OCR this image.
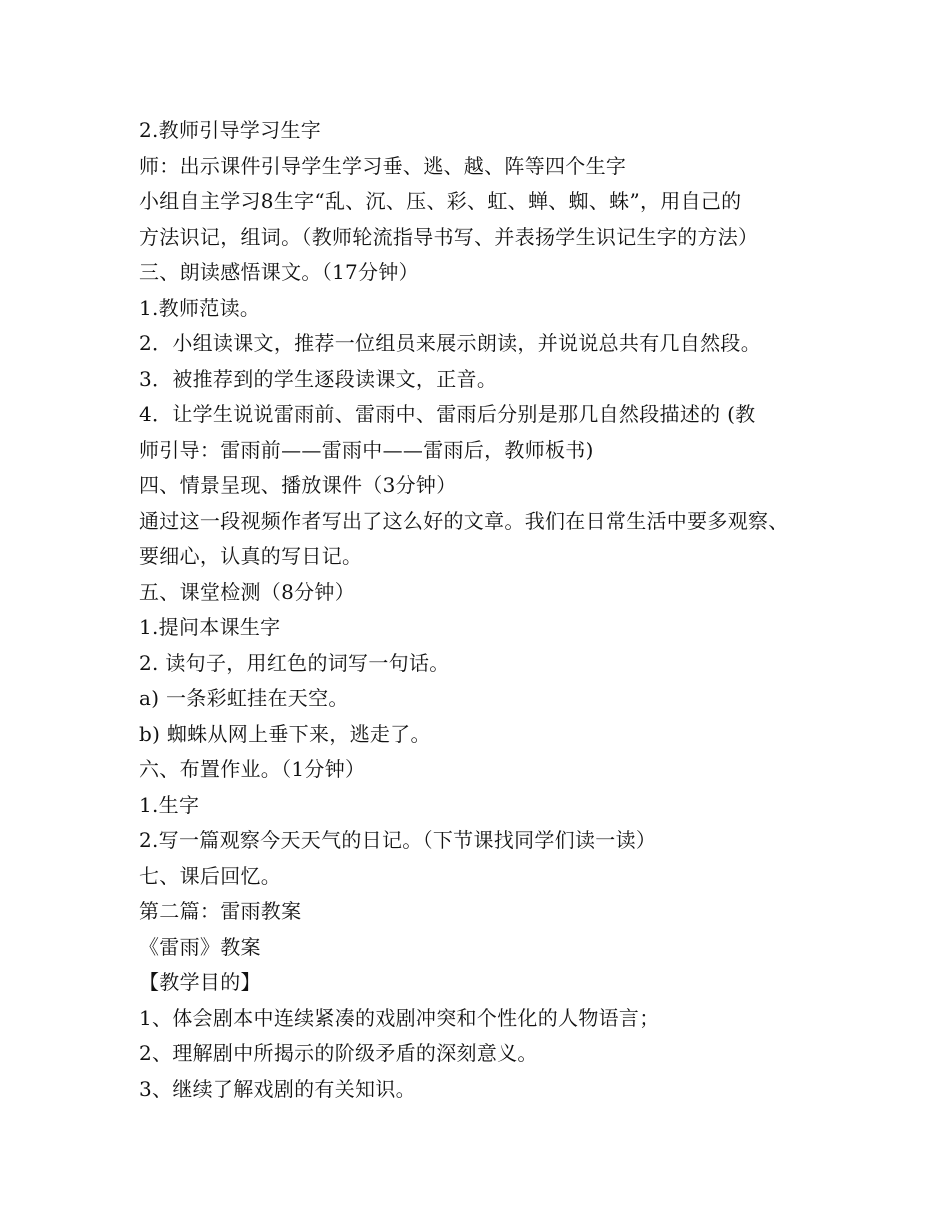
2.教师引导学习生字
师：出示课件引导学生学习垂、逃、越、阵等四个生字
小组自主学习8生字“乱、沉、压、彩、虹、蝉、蜘、蛛”，用自己的
方法识记，组词。（教师轮流指导书写、并表扬学生识记生字的方法）
三、朗读感悟课文。（17分钟）
1.教师范读。
2．小组读课文，推荐一位组员来展示朗读，并说说总共有几自然段。
3．被推荐到的学生逐段读课文，正音。
4．让学生说说雷雨前、雷雨中、雷雨后分别是那几自然段描述的 (教
师引导：雷雨前——雷雨中——雷雨后，教师板书)
四、情景呈现、播放课件（3分钟）
通过这一段视频作者写出了这么好的文章。我们在日常生活中要多观察、
要细心，认真的写日记。
五、课堂检测（8分钟）
1.提问本课生字
2. 读句子，用红色的词写一句话。
a) 一条彩虹挂在天空。
b) 蜘蛛从网上垂下来，逃走了。
六、布置作业。（1分钟）
1.生字
2.写一篇观察今天天气的日记。（下节课找同学们读一读）
七、课后回忆。
第二篇：雷雨教案
《雷雨》教案
【教学目的】
1、体会剧本中连续紧凑的戏剧冲突和个性化的人物语言；
2、理解剧中所揭示的阶级矛盾的深刻意义。
3、继续了解戏剧的有关知识。
